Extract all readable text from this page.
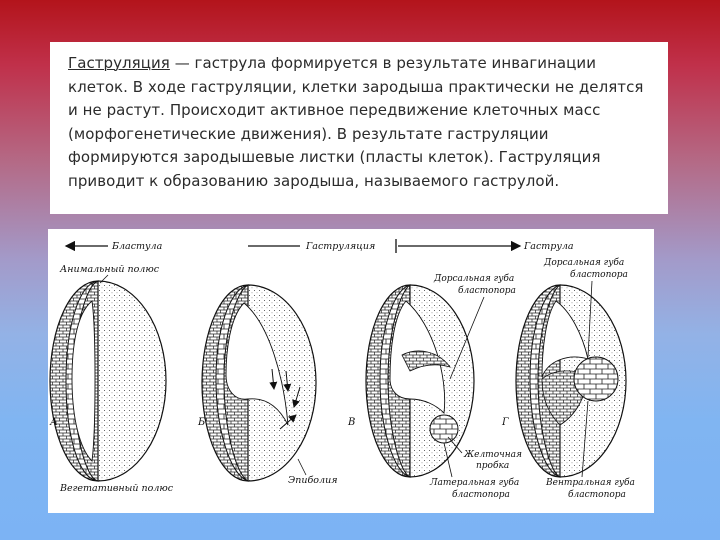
Гаструляция — гаструла формируется в результате инвагинации клеток. В ходе гаструляции, клетки зародыша практически не делятся и не растут. Происходит активное передвижение клеточных масс (морфогенетические движения). В результате гаструляции формируются зародышевые листки (пласты клеток). Гаструляция приводит к образованию зародыша, называемого гаструлой.

Бластула	Гаструляция	Гаструла
Анимальный полюс
А
Вегетативный полюс
Б
Эпиболия
В
Дорсальная губа
бластопора
Желточная
пробка
Латеральная губа
бластопора
Г
Дорсальная губа
бластопора
Вентральная губа
бластопора
